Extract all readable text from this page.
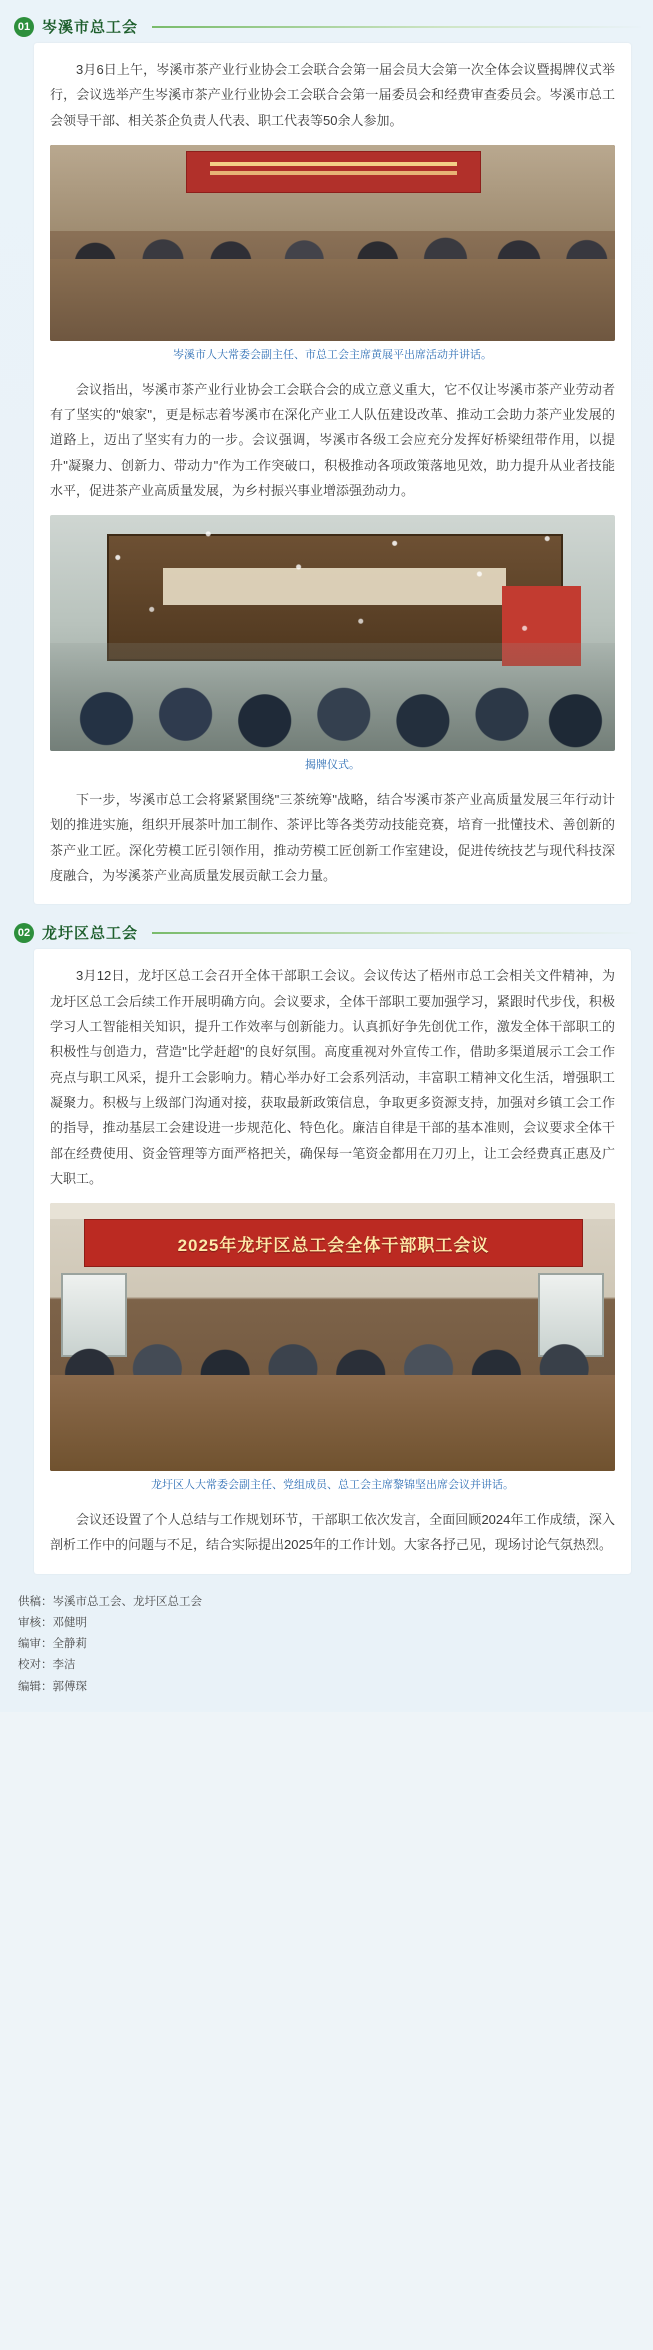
01 岑溪市总工会

3月6日上午，岑溪市茶产业行业协会工会联合会第一届会员大会第一次全体会议暨揭牌仪式举行，会议选举产生岑溪市茶产业行业协会工会联合会第一届委员会和经费审查委员会。岑溪市总工会领导干部、相关茶企负责人代表、职工代表等50余人参加。

岑溪市人大常委会副主任、市总工会主席黄展平出席活动并讲话。

会议指出，岑溪市茶产业行业协会工会联合会的成立意义重大，它不仅让岑溪市茶产业劳动者有了坚实的"娘家"，更是标志着岑溪市在深化产业工人队伍建设改革、推动工会助力茶产业发展的道路上，迈出了坚实有力的一步。会议强调，岑溪市各级工会应充分发挥好桥梁纽带作用，以提升"凝聚力、创新力、带动力"作为工作突破口，积极推动各项政策落地见效，助力提升从业者技能水平，促进茶产业高质量发展，为乡村振兴事业增添强劲动力。

揭牌仪式。

下一步，岑溪市总工会将紧紧围绕"三茶统筹"战略，结合岑溪市茶产业高质量发展三年行动计划的推进实施，组织开展茶叶加工制作、茶评比等各类劳动技能竞赛，培育一批懂技术、善创新的茶产业工匠。深化劳模工匠引领作用，推动劳模工匠创新工作室建设，促进传统技艺与现代科技深度融合，为岑溪茶产业高质量发展贡献工会力量。

02 龙圩区总工会

3月12日，龙圩区总工会召开全体干部职工会议。会议传达了梧州市总工会相关文件精神，为龙圩区总工会后续工作开展明确方向。会议要求，全体干部职工要加强学习，紧跟时代步伐，积极学习人工智能相关知识，提升工作效率与创新能力。认真抓好争先创优工作，激发全体干部职工的积极性与创造力，营造"比学赶超"的良好氛围。高度重视对外宣传工作，借助多渠道展示工会工作亮点与职工风采，提升工会影响力。精心举办好工会系列活动，丰富职工精神文化生活，增强职工凝聚力。积极与上级部门沟通对接，获取最新政策信息，争取更多资源支持，加强对乡镇工会工作的指导，推动基层工会建设进一步规范化、特色化。廉洁自律是干部的基本准则，会议要求全体干部在经费使用、资金管理等方面严格把关，确保每一笔资金都用在刀刃上，让工会经费真正惠及广大职工。

2025年龙圩区总工会全体干部职工会议
龙圩区人大常委会副主任、党组成员、总工会主席黎锦坚出席会议并讲话。

会议还设置了个人总结与工作规划环节，干部职工依次发言，全面回顾2024年工作成绩，深入剖析工作中的问题与不足，结合实际提出2025年的工作计划。大家各抒己见，现场讨论气氛热烈。

供稿：岑溪市总工会、龙圩区总工会
审核：邓健明
编审：全静莉
校对：李洁
编辑：郭傅琛
